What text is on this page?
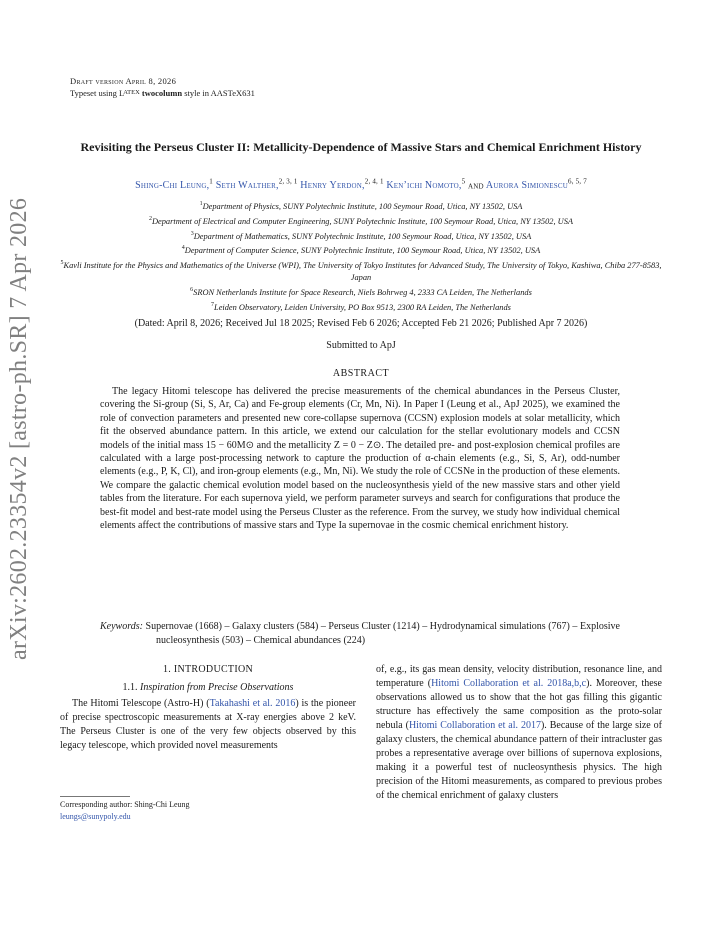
arXiv:2602.23354v2 [astro-ph.SR] 7 Apr 2026
Draft version April 8, 2026
Typeset using $L^{ATEX}$ twocolumn style in AASTeX631
Revisiting the Perseus Cluster II: Metallicity-Dependence of Massive Stars and Chemical Enrichment History
Shing-Chi Leung,$^1$ Seth Walther,$^{2, 3, 1}$ Henry Yerdon,$^{2, 4, 1}$ Ken’ichi Nomoto,$^5$ and Aurora Simionescu$^{6, 5, 7}$
$^1$Department of Physics, SUNY Polytechnic Institute, 100 Seymour Road, Utica, NY 13502, USA
$^2$Department of Electrical and Computer Engineering, SUNY Polytechnic Institute, 100 Seymour Road, Utica, NY 13502, USA
$^3$Department of Mathematics, SUNY Polytechnic Institute, 100 Seymour Road, Utica, NY 13502, USA
$^4$Department of Computer Science, SUNY Polytechnic Institute, 100 Seymour Road, Utica, NY 13502, USA
$^5$Kavli Institute for the Physics and Mathematics of the Universe (WPI), The University of Tokyo Institutes for Advanced Study, The University of Tokyo, Kashiwa, Chiba 277-8583, Japan
$^6$SRON Netherlands Institute for Space Research, Niels Bohrweg 4, 2333 CA Leiden, The Netherlands
$^7$Leiden Observatory, Leiden University, PO Box 9513, 2300 RA Leiden, The Netherlands
(Dated: April 8, 2026; Received Jul 18 2025; Revised Feb 6 2026; Accepted Feb 21 2026; Published Apr 7 2026)
Submitted to ApJ
ABSTRACT
The legacy Hitomi telescope has delivered the precise measurements of the chemical abundances in the Perseus Cluster, covering the Si-group (Si, S, Ar, Ca) and Fe-group elements (Cr, Mn, Ni). In Paper I (Leung et al., ApJ 2025), we examined the role of convection parameters and presented new core-collapse supernova (CCSN) explosion models at solar metallicity, which fit the observed abundance pattern. In this article, we extend our calculation for the stellar evolutionary models and CCSN models of the initial mass 15 − 60M⊙ and the metallicity Z = 0 − Z⊙. The detailed pre- and post-explosion chemical profiles are calculated with a large post-processing network to capture the production of α-chain elements (e.g., Si, S, Ar), odd-number elements (e.g., P, K, Cl), and iron-group elements (e.g., Mn, Ni). We study the role of CCSNe in the production of these elements. We compare the galactic chemical evolution model based on the nucleosynthesis yield of the new massive stars and other yield tables from the literature. For each supernova yield, we perform parameter surveys and search for configurations that produce the best-fit model and best-rate model using the Perseus Cluster as the reference. From the survey, we study how individual chemical elements affect the contributions of massive stars and Type Ia supernovae in the cosmic chemical enrichment history.
Keywords: Supernovae (1668) – Galaxy clusters (584) – Perseus Cluster (1214) – Hydrodynamical simulations (767) – Explosive nucleosynthesis (503) – Chemical abundances (224)
1. INTRODUCTION
1.1. Inspiration from Precise Observations

The Hitomi Telescope (Astro-H) (Takahashi et al. 2016) is the pioneer of precise spectroscopic measurements at X-ray energies above 2 keV. The Perseus Cluster is one of the very few objects observed by this legacy telescope, which provided novel measurements

Corresponding author: Shing-Chi Leung
leungs@sunypoly.edu
of, e.g., its gas mean density, velocity distribution, resonance line, and temperature (Hitomi Collaboration et al. 2018a,b,c). Moreover, these observations allowed us to show that the hot gas filling this gigantic structure has effectively the same composition as the proto-solar nebula (Hitomi Collaboration et al. 2017). Because of the large size of galaxy clusters, the chemical abundance pattern of their intracluster gas probes a representative average over billions of supernova explosions, making it a powerful test of nucleosynthesis physics. The high precision of the Hitomi measurements, as compared to previous probes of the chemical enrichment of galaxy clusters
